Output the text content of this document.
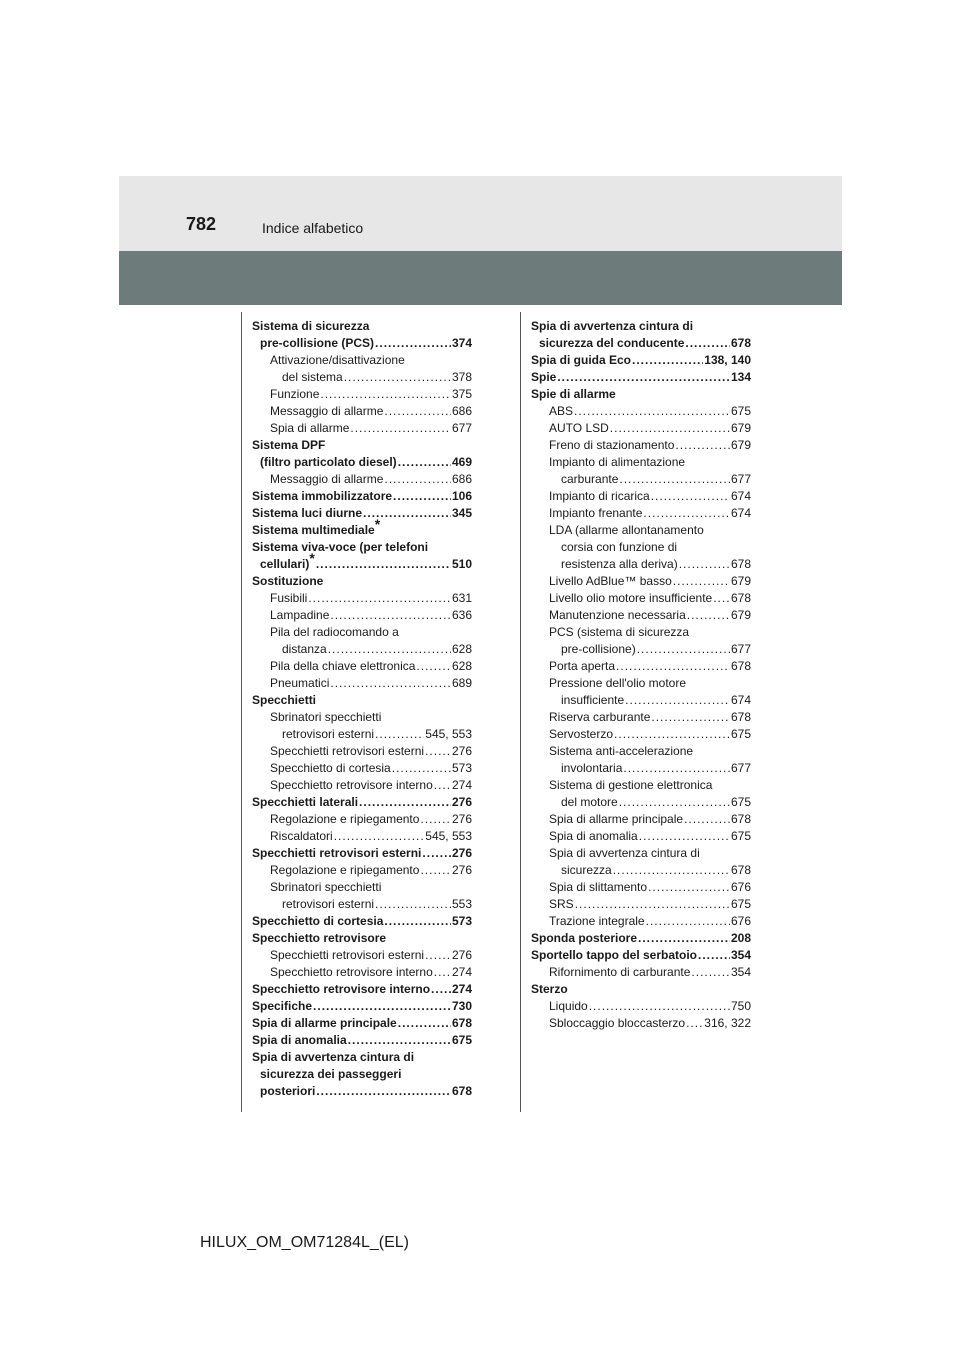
782	Indice alfabetico
Sistema di sicurezza
pre-collisione (PCS) .....	374
Attivazione/disattivazione
del sistema .....	378
Funzione .....	375
Messaggio di allarme .....	686
Spia di allarme .....	677
Sistema DPF
(filtro particolato diesel) .....	469
Messaggio di allarme .....	686
Sistema immobilizzatore .....	106
Sistema luci diurne .....	345
Sistema multimediale*
Sistema viva-voce (per telefoni
cellulari)* .....	510
Sostituzione
Fusibili .....	631
Lampadine .....	636
Pila del radiocomando a
distanza .....	628
Pila della chiave elettronica .....	628
Pneumatici .....	689
Specchietti
Sbrinatori specchietti
retrovisori esterni .....	545, 553
Specchietti retrovisori esterni ..... 276
Specchietto di cortesia .....	573
Specchietto retrovisore interno ..... 274
Specchietti laterali .....	276
Regolazione e ripiegamento .....	276
Riscaldatori .....	545, 553
Specchietti retrovisori esterni .....	276
Regolazione e ripiegamento .....	276
Sbrinatori specchietti
retrovisori esterni .....	553
Specchietto di cortesia .....	573
Specchietto retrovisore
Specchietti retrovisori esterni ..... 276
Specchietto retrovisore interno ..... 274
Specchietto retrovisore interno ..... 274
Specifiche .....	730
Spia di allarme principale .....	678
Spia di anomalia .....	675
Spia di avvertenza cintura di
sicurezza dei passeggeri
posteriori .....	678
Spia di avvertenza cintura di
sicurezza del conducente .....	678
Spia di guida Eco .....	138, 140
Spie .....	134
Spie di allarme
ABS .....	675
AUTO LSD .....	679
Freno di stazionamento .....	679
Impianto di alimentazione
carburante .....	677
Impianto di ricarica .....	674
Impianto frenante .....	674
LDA (allarme allontanamento
corsia con funzione di
resistenza alla deriva) .....	678
Livello AdBlue™ basso .....	679
Livello olio motore insufficiente ..... 678
Manutenzione necessaria .....	679
PCS (sistema di sicurezza
pre-collisione) .....	677
Porta aperta .....	678
Pressione dell'olio motore
insufficiente .....	674
Riserva carburante .....	678
Servosterzo .....	675
Sistema anti-accelerazione
involontaria .....	677
Sistema di gestione elettronica
del motore .....	675
Spia di allarme principale .....	678
Spia di anomalia .....	675
Spia di avvertenza cintura di
sicurezza .....	678
Spia di slittamento .....	676
SRS .....	675
Trazione integrale .....	676
Sponda posteriore .....	208
Sportello tappo del serbatoio .....	354
Rifornimento di carburante .....	354
Sterzo
Liquido .....	750
Sbloccaggio bloccasterzo ..... 316, 322
HILUX_OM_OM71284L_(EL)
